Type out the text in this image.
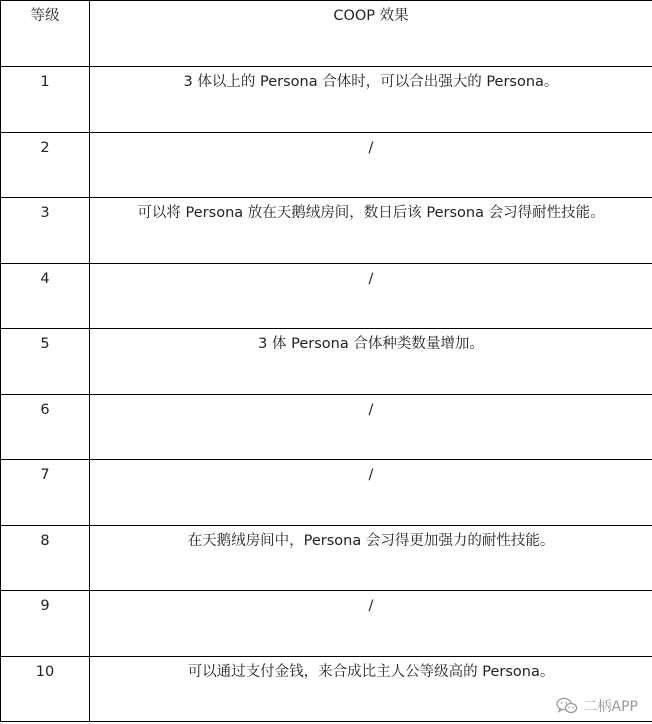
等级	COOP 效果
1	3 体以上的 Persona 合体时，可以合出强大的 Persona。
2	/
3	可以将 Persona 放在天鹅绒房间，数日后该 Persona 会习得耐性技能。
4	/
5	3 体 Persona 合体种类数量增加。
6	/
7	/
8	在天鹅绒房间中，Persona 会习得更加强力的耐性技能。
9	/
10	可以通过支付金钱，来合成比主人公等级高的 Persona。
二柄APP
